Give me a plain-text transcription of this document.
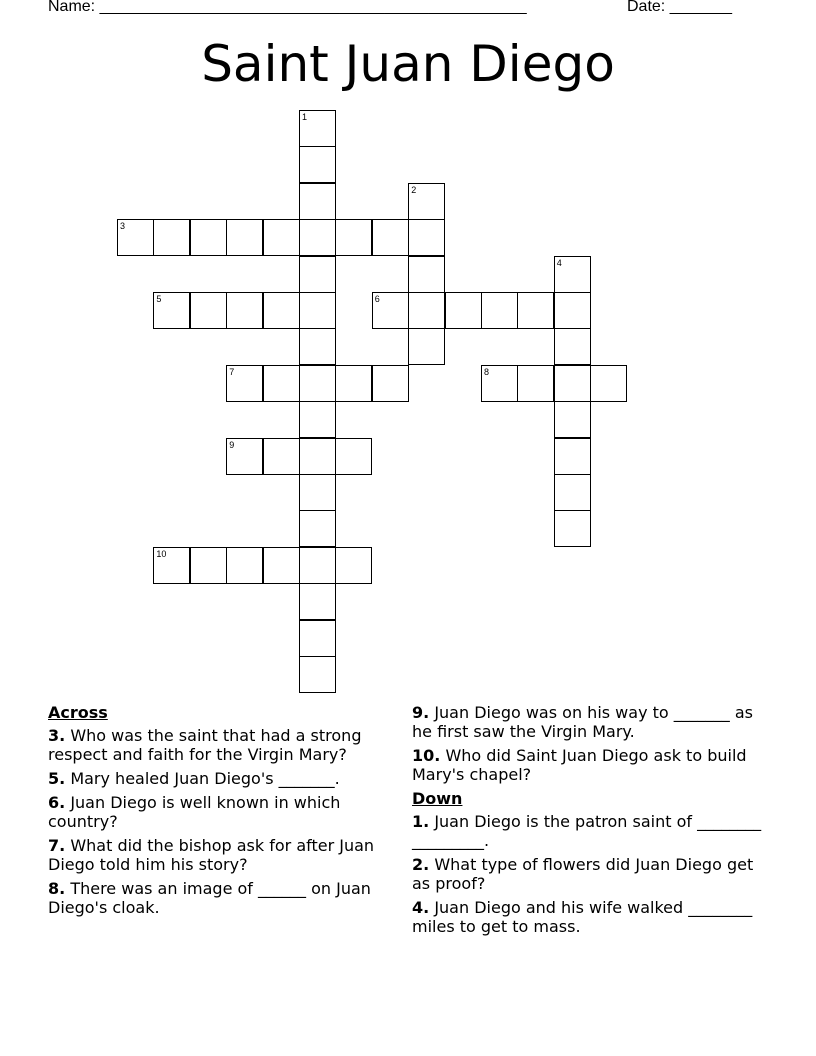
Name: ________________________________________________	Date: _______
Saint Juan Diego
1
2
3
4
5	6
7	8
9
10
Across
3. Who was the saint that had a strong respect and faith for the Virgin Mary?
5. Mary healed Juan Diego's _______.
6. Juan Diego is well known in which country?
7. What did the bishop ask for after Juan Diego told him his story?
8. There was an image of ______ on Juan Diego's cloak.
9. Juan Diego was on his way to _______ as he first saw the Virgin Mary.
10. Who did Saint Juan Diego ask to build Mary's chapel?
Down
1. Juan Diego is the patron saint of ________ _________.
2. What type of flowers did Juan Diego get as proof?
4. Juan Diego and his wife walked ________ miles to get to mass.
